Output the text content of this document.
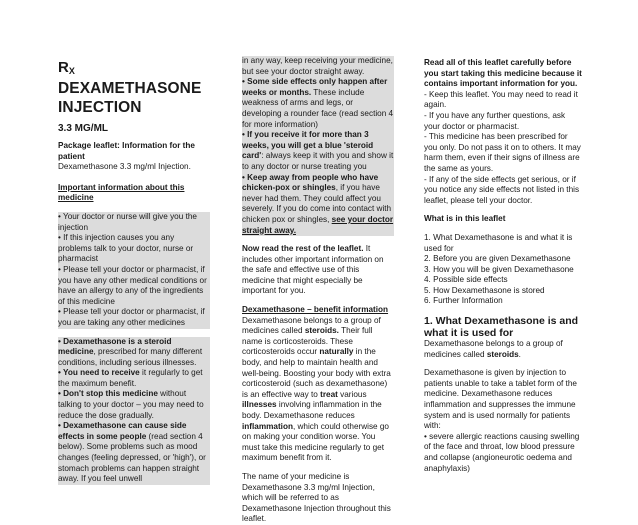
$R_X$
DEXAMETHASONE
INJECTION
3.3 MG/ML
Package leaflet: Information for the patient
Dexamethasone 3.3 mg/ml Injection.
Important information about this medicine
• Your doctor or nurse will give you the injection
• If this injection causes you any problems talk to your doctor, nurse or pharmacist
• Please tell your doctor or pharmacist, if you have any other medical conditions or have an allergy to any of the ingredients of this medicine
• Please tell your doctor or pharmacist, if you are taking any other medicines
• Dexamethasone is a steroid medicine, prescribed for many different conditions, including serious illnesses.
• You need to receive it regularly to get the maximum benefit.
• Don't stop this medicine without talking to your doctor – you may need to reduce the dose gradually.
• Dexamethasone can cause side effects in some people (read section 4 below). Some problems such as mood changes (feeling depressed, or 'high'), or stomach problems can happen straight away. If you feel unwell
in any way, keep receiving your medicine, but see your doctor straight away.
• Some side effects only happen after weeks or months. These include weakness of arms and legs, or developing a rounder face (read section 4 for more information)
• If you receive it for more than 3 weeks, you will get a blue 'steroid card': always keep it with you and show it to any doctor or nurse treating you
• Keep away from people who have chicken-pox or shingles, if you have never had them. They could affect you severely. If you do come into contact with chicken pox or shingles, see your doctor straight away.
Now read the rest of the leaflet. It includes other important information on the safe and effective use of this medicine that might especially be important for you.
Dexamethasone – benefit information
Dexamethasone belongs to a group of medicines called steroids. Their full name is corticosteroids. These corticosteroids occur naturally in the body, and help to maintain health and well-being. Boosting your body with extra corticosteroid (such as dexamethasone) is an effective way to treat various illnesses involving inflammation in the body. Dexamethasone reduces inflammation, which could otherwise go on making your condition worse. You must take this medicine regularly to get maximum benefit from it.
The name of your medicine is Dexamethasone 3.3 mg/ml Injection, which will be referred to as Dexamethasone Injection throughout this leaflet.
Read all of this leaflet carefully before you start taking this medicine because it contains important information for you.
- Keep this leaflet. You may need to read it again.
- If you have any further questions, ask your doctor or pharmacist.
- This medicine has been prescribed for you only. Do not pass it on to others. It may harm them, even if their signs of illness are the same as yours.
- If any of the side effects get serious, or if you notice any side effects not listed in this leaflet, please tell your doctor.
What is in this leaflet
1. What Dexamethasone is and what it is used for
2. Before you are given Dexamethasone
3. How you will be given Dexamethasone
4. Possible side effects
5. How Dexamethasone is stored
6. Further Information
1. What Dexamethasone is and what it is used for
Dexamethasone belongs to a group of medicines called steroids.
Dexamethasone is given by injection to patients unable to take a tablet form of the medicine. Dexamethasone reduces inflammation and suppresses the immune system and is used normally for patients with:
• severe allergic reactions causing swelling of the face and throat, low blood pressure and collapse (angioneurotic oedema and anaphylaxis)
